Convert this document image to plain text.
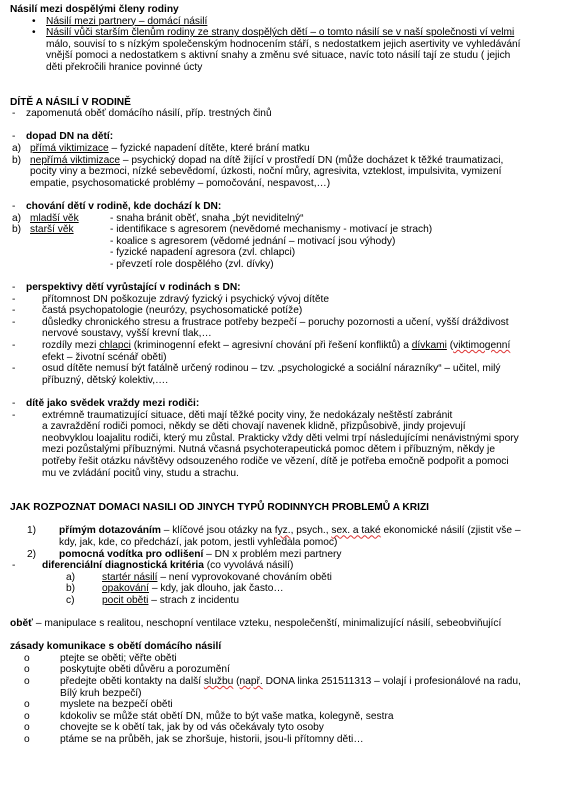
Násilí mezi dospělými členy rodiny
•	Násilí mezi partnery – domácí násilí
•	Násilí vůči starším členům rodiny ze strany dospělých dětí – o tomto násilí se v naší společnosti ví velmi
málo, souvisí to s nízkým společenským hodnocením stáří, s nedostatkem jejich asertivity ve vyhledávání
vnější pomoci a nedostatkem s aktivní snahy a změnu své situace, navíc toto násilí tají ze studu ( jejich
děti překročili hranice povinné úcty
DÍTĚ A NÁSILÍ V RODINĚ
-	zapomenutá oběť domácího násilí, příp. trestných činů
-	dopad DN na dětí:
a) přímá viktimizace – fyzické napadení dítěte, které brání matku
b) nepřímá viktimizace – psychický dopad na dítě žijící v prostředí DN (může docházet k těžké traumatizaci,
pocity viny a bezmoci, nízké sebevědomí, úzkosti, noční můry, agresivita, vzteklost, impulsivita, vymizení
empatie, psychosomatické problémy – pomočování, nespavost,…)
-	chování dětí v rodině, kde dochází k DN:
a) mladší věk	- snaha bránit oběť, snaha „být neviditelný“
b) starší věk	- identifikace s agresorem (nevědomé mechanismy - motivací je strach)
- koalice s agresorem (vědomé jednání – motivací jsou výhody)
- fyzické napadení agresora (zvl. chlapci)
- převzetí role dospělého (zvl. dívky)
-	perspektivy dětí vyrůstající v rodinách s DN:
-	přítomnost DN poškozuje zdravý fyzický i psychický vývoj dítěte
-	častá psychopatologie (neurózy, psychosomatické potíže)
-	důsledky chronického stresu a frustrace potřeby bezpečí – poruchy pozornosti a učení, vyšší dráždivost
nervové soustavy, vyšší krevní tlak,…
-	rozdíly mezi chlapci (kriminogenní efekt – agresivní chování při řešení konfliktů) a dívkami (viktimogenní
efekt – životní scénář oběti)
-	osud dítěte nemusí být fatálně určený rodinou – tzv. „psychologické a sociální nárazníky“ – učitel, milý
příbuzný, dětský kolektiv,….
-	dítě jako svědek vraždy mezi rodiči:
-	extrémně traumatizující situace, děti mají těžké pocity viny, že nedokázaly neštěstí zabránit
a zavraždění rodiči pomoci, někdy se děti chovají navenek klidně, přizpůsobivě, jindy projevují
neobvyklou loajalitu rodiči, který mu zůstal. Prakticky vždy děti velmi trpí následujícími nenávistnými spory
mezi pozůstalými příbuznými. Nutná včasná psychoterapeutická pomoc dětem i příbuzným, někdy je
potřeby řešit otázku návštěvy odsouzeného rodiče ve vězení, dítě je potřeba emočně podpořit a pomoci
mu ve zvládání pocitů viny, studu a strachu.
JAK ROZPOZNAT DOMACI NASILI OD JINYCH TYPŮ RODINNYCH PROBLEMŮ A KRIZI
1)	přímým dotazováním – klíčové jsou otázky na fyz., psych., sex. a také ekonomické násilí (zjistit vše –
kdy, jak, kde, co předchází, jak potom, jestli vyhledala pomoc)
2)	pomocná vodítka pro odlišení – DN x problém mezi partnery
-	diferenciální diagnostická kritéria (co vyvolává násilí)
a)	startér násilí – není vyprovokované chováním oběti
b)	opakování – kdy, jak dlouho, jak často…
c)	pocit oběti – strach z incidentu
oběť – manipulace s realitou, neschopní ventilace vzteku, nespolečenští, minimalizující násilí, sebeobviňující
zásady komunikace s obětí domácího násilí
o	ptejte se oběti; věřte oběti
o	poskytujte oběti důvěru a porozumění
o	předejte oběti kontakty na další službu (např. DONA linka 251511313 – volají i profesionálové na radu,
Bílý kruh bezpečí)
o	myslete na bezpečí oběti
o	kdokoliv se může stát obětí DN, může to být vaše matka, kolegyně, sestra
o	chovejte se k obětí tak, jak by od vás očekávaly tyto osoby
o	ptáme se na průběh, jak se zhoršuje, historii, jsou-li přítomny děti…
